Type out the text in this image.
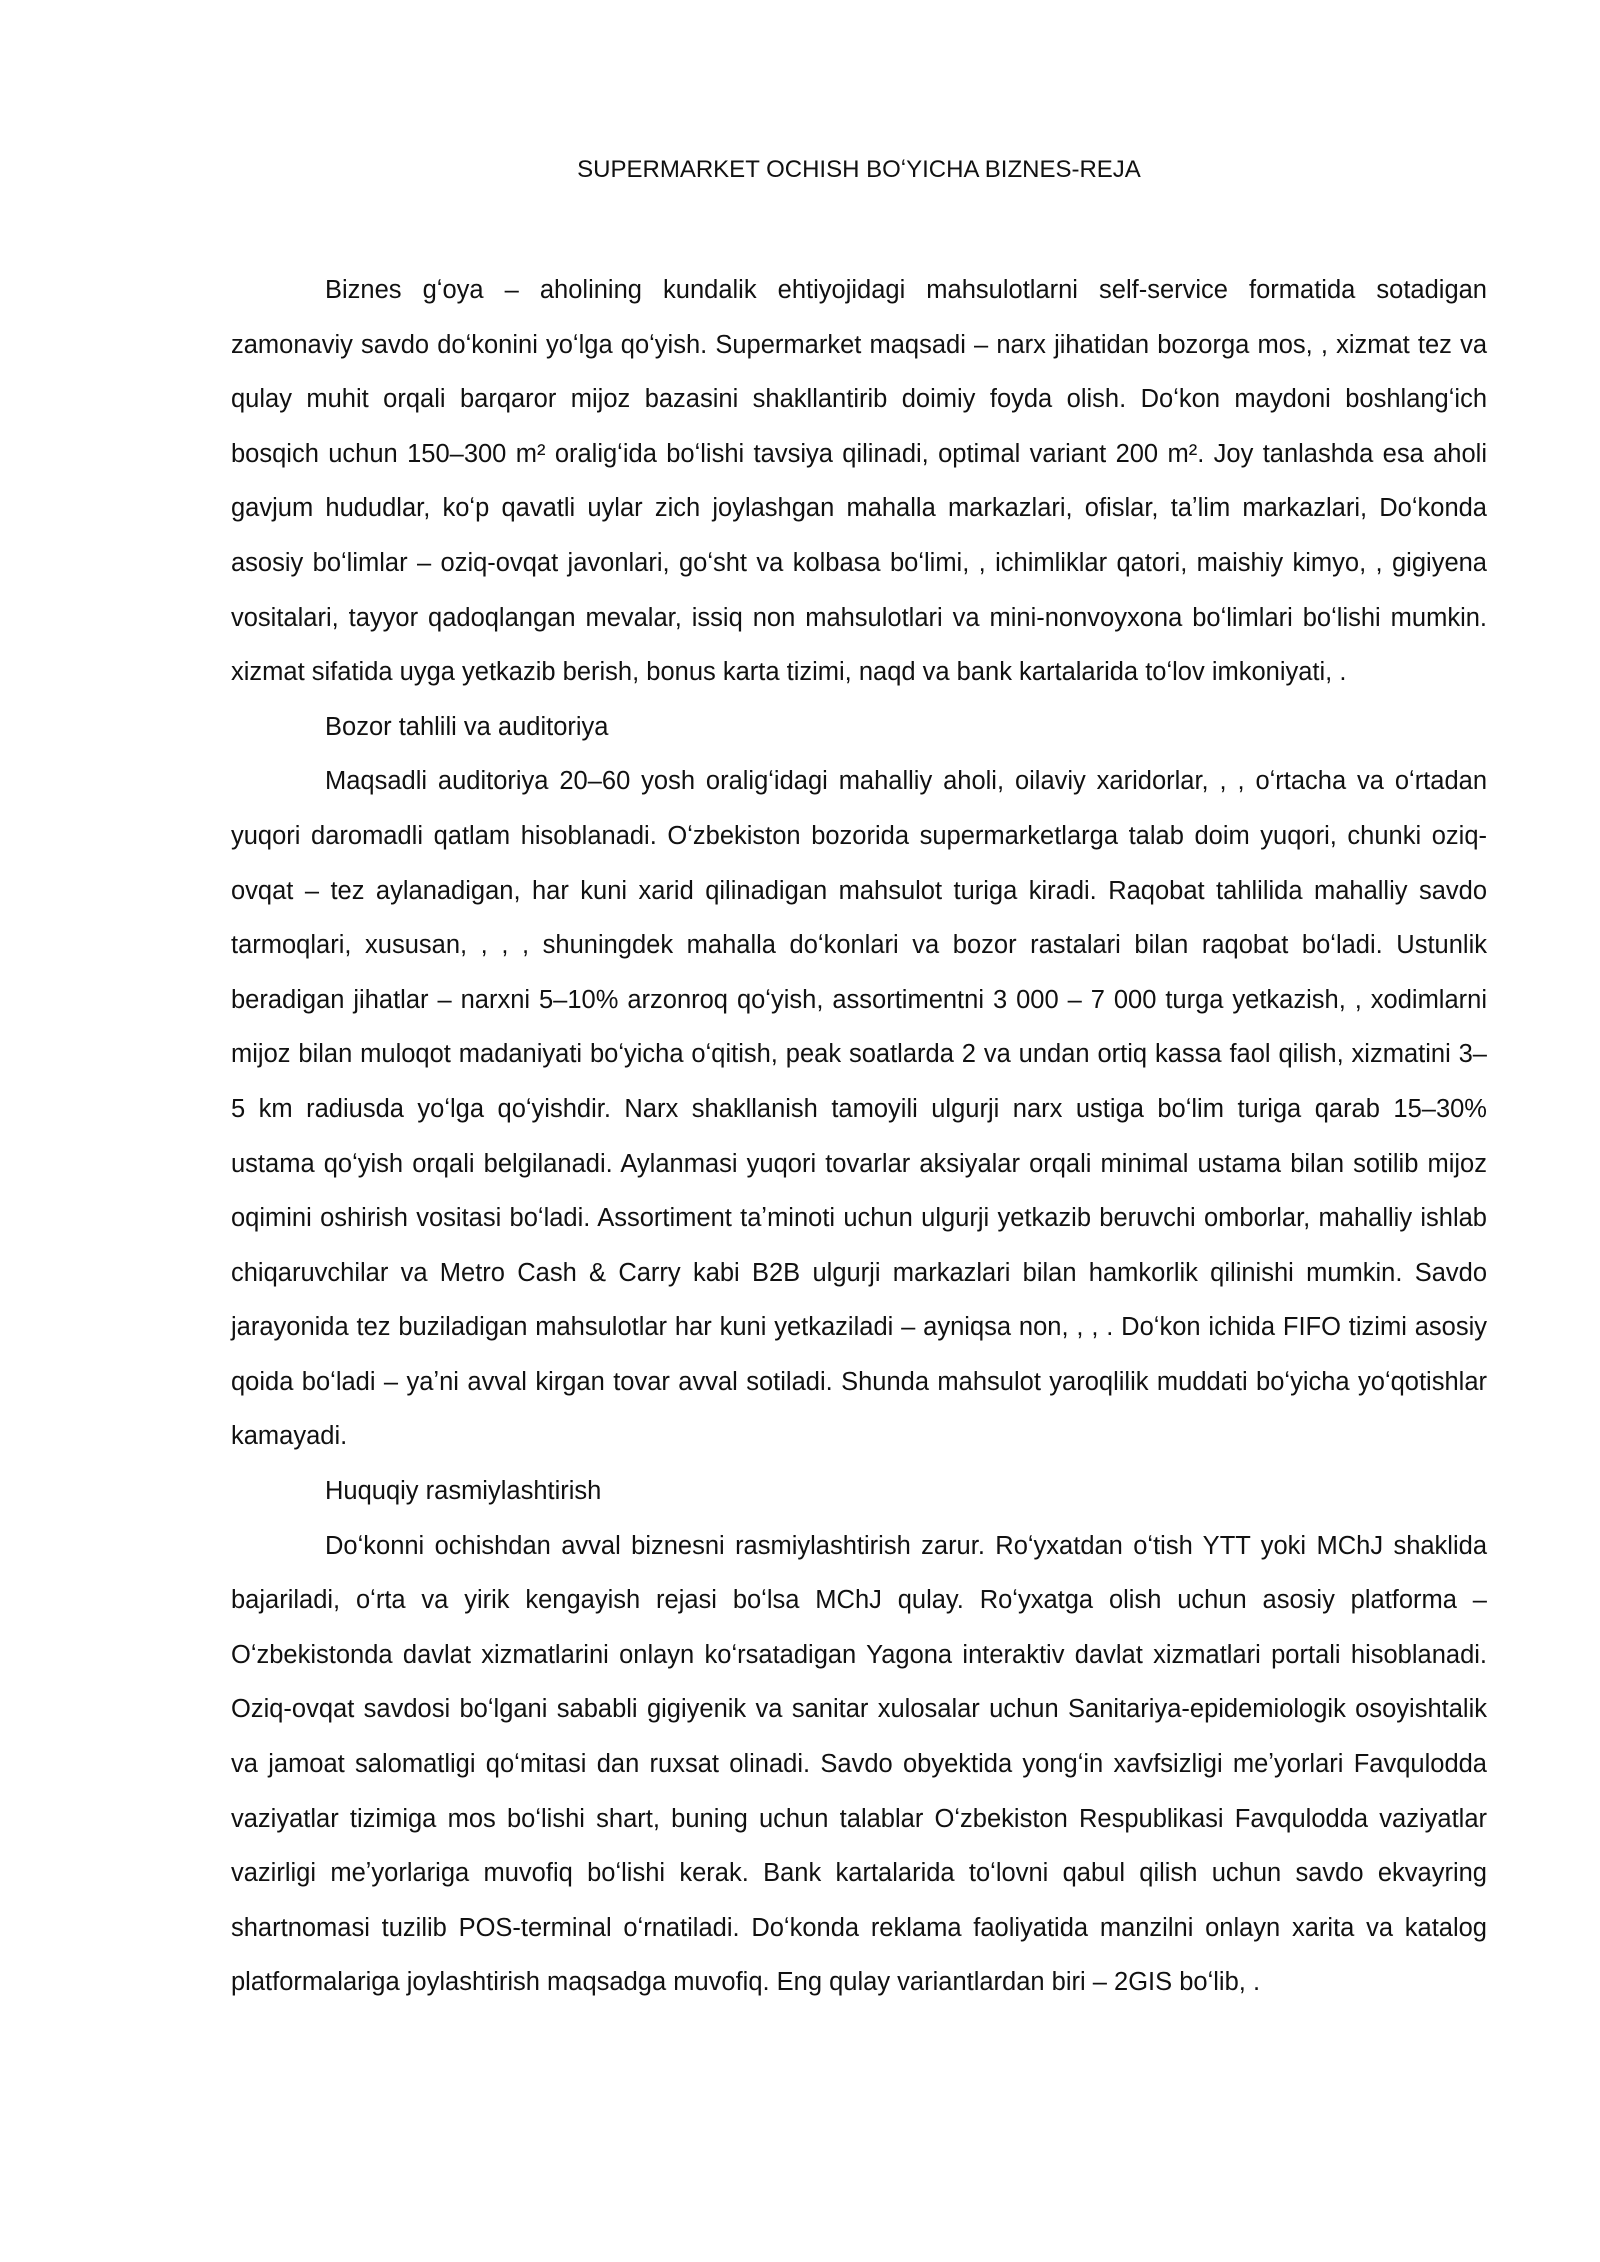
SUPERMARKET OCHISH BOʻYICHA BIZNES-REJA

Biznes gʻoya – aholining kundalik ehtiyojidagi mahsulotlarni self-service formatida sotadigan zamonaviy savdo doʻkonini yoʻlga qoʻyish. Supermarket maqsadi – narx jihatidan bozorga mos, , xizmat tez va qulay muhit orqali barqaror mijoz bazasini shakllantirib doimiy foyda olish. Doʻkon maydoni boshlangʻich bosqich uchun 150–300 m² oraligʻida boʻlishi tavsiya qilinadi, optimal variant 200 m². Joy tanlashda esa aholi gavjum hududlar, koʻp qavatli uylar zich joylashgan mahalla markazlari, ofislar, taʼlim markazlari, Doʻkonda asosiy boʻlimlar – oziq-ovqat javonlari, goʻsht va kolbasa boʻlimi, , ichimliklar qatori, maishiy kimyo, , gigiyena vositalari, tayyor qadoqlangan mevalar, issiq non mahsulotlari va mini-nonvoyxona boʻlimlari boʻlishi mumkin. xizmat sifatida uyga yetkazib berish, bonus karta tizimi, naqd va bank kartalarida toʻlov imkoniyati, .

Bozor tahlili va auditoriya

Maqsadli auditoriya 20–60 yosh oraligʻidagi mahalliy aholi, oilaviy xaridorlar, , , oʻrtacha va oʻrtadan yuqori daromadli qatlam hisoblanadi. Oʻzbekiston bozorida supermarketlarga talab doim yuqori, chunki oziq-ovqat – tez aylanadigan, har kuni xarid qilinadigan mahsulot turiga kiradi. Raqobat tahlilida mahalliy savdo tarmoqlari, xususan, , , , shuningdek mahalla doʻkonlari va bozor rastalari bilan raqobat boʻladi. Ustunlik beradigan jihatlar – narxni 5–10% arzonroq qoʻyish, assortimentni 3 000 – 7 000 turga yetkazish, , xodimlarni mijoz bilan muloqot madaniyati boʻyicha oʻqitish, peak soatlarda 2 va undan ortiq kassa faol qilish, xizmatini 3–5 km radiusda yoʻlga qoʻyishdir. Narx shakllanish tamoyili ulgurji narx ustiga boʻlim turiga qarab 15–30% ustama qoʻyish orqali belgilanadi. Aylanmasi yuqori tovarlar aksiyalar orqali minimal ustama bilan sotilib mijoz oqimini oshirish vositasi boʻladi. Assortiment taʼminoti uchun ulgurji yetkazib beruvchi omborlar, mahalliy ishlab chiqaruvchilar va Metro Cash & Carry kabi B2B ulgurji markazlari bilan hamkorlik qilinishi mumkin. Savdo jarayonida tez buziladigan mahsulotlar har kuni yetkaziladi – ayniqsa non, , , . Doʻkon ichida FIFO tizimi asosiy qoida boʻladi – yaʼni avval kirgan tovar avval sotiladi. Shunda mahsulot yaroqlilik muddati boʻyicha yoʻqotishlar kamayadi.

Huquqiy rasmiylashtirish

Doʻkonni ochishdan avval biznesni rasmiylashtirish zarur. Roʻyxatdan oʻtish YTT yoki MChJ shaklida bajariladi, oʻrta va yirik kengayish rejasi boʻlsa MChJ qulay. Roʻyxatga olish uchun asosiy platforma – Oʻzbekistonda davlat xizmatlarini onlayn koʻrsatadigan Yagona interaktiv davlat xizmatlari portali hisoblanadi. Oziq-ovqat savdosi boʻlgani sababli gigiyenik va sanitar xulosalar uchun Sanitariya-epidemiologik osoyishtalik va jamoat salomatligi qoʻmitasi dan ruxsat olinadi. Savdo obyektida yongʻin xavfsizligi meʼyorlari Favqulodda vaziyatlar tizimiga mos boʻlishi shart, buning uchun talablar Oʻzbekiston Respublikasi Favqulodda vaziyatlar vazirligi meʼyorlariga muvofiq boʻlishi kerak. Bank kartalarida toʻlovni qabul qilish uchun savdo ekvayring shartnomasi tuzilib POS-terminal oʻrnatiladi. Doʻkonda reklama faoliyatida manzilni onlayn xarita va katalog platformalariga joylashtirish maqsadga muvofiq. Eng qulay variantlardan biri – 2GIS boʻlib, .
